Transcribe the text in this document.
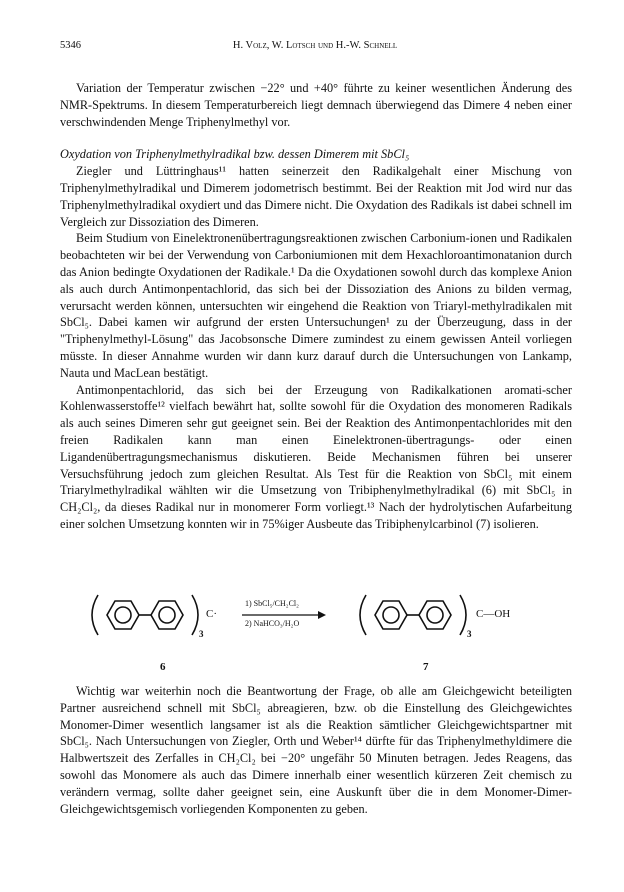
5346	H. Volz, W. Lotsch und H.-W. Schnell

Variation der Temperatur zwischen −22° und +40° führte zu keiner wesentlichen Änderung des NMR-Spektrums. In diesem Temperaturbereich liegt demnach überwiegend das Dimere 4 neben einer verschwindenden Menge Triphenylmethyl vor.

Oxydation von Triphenylmethylradikal bzw. dessen Dimerem mit SbCl₅

Ziegler und Lüttringhaus¹¹ hatten seinerzeit den Radikalgehalt einer Mischung von Triphenylmethylradikal und Dimerem jodometrisch bestimmt. Bei der Reaktion mit Jod wird nur das Triphenylmethylradikal oxydiert und das Dimere nicht. Die Oxydation des Radikals ist dabei schnell im Vergleich zur Dissoziation des Dimeren.

Beim Studium von Einelektronenübertragungsreaktionen zwischen Carbonium-ionen und Radikalen beobachteten wir bei der Verwendung von Carboniumionen mit dem Hexachloroantimonatanion durch das Anion bedingte Oxydationen der Radikale.¹ Da die Oxydationen sowohl durch das komplexe Anion als auch durch Antimonpentachlorid, das sich bei der Dissoziation des Anions zu bilden vermag, verursacht werden können, untersuchten wir eingehend die Reaktion von Triaryl-methylradikalen mit SbCl₅. Dabei kamen wir aufgrund der ersten Untersuchungen¹ zu der Überzeugung, dass in der "Triphenylmethyl-Lösung" das Jacobsonsche Dimere zumindest zu einem gewissen Anteil vorliegen müsste. In dieser Annahme wurden wir dann kurz darauf durch die Untersuchungen von Lankamp, Nauta und MacLean bestätigt.

Antimonpentachlorid, das sich bei der Erzeugung von Radikalkationen aromati-scher Kohlenwasserstoffe¹² vielfach bewährt hat, sollte sowohl für die Oxydation des monomeren Radikals als auch seines Dimeren sehr gut geeignet sein. Bei der Reaktion des Antimonpentachlorides mit den freien Radikalen kann man einen Einelektronen-übertragungs- oder einen Ligandenübertragungsmechanismus diskutieren. Beide Mechanismen führen bei unserer Versuchsführung jedoch zum gleichen Resultat. Als Test für die Reaktion von SbCl₅ mit einem Triarylmethylradikal wählten wir die Umsetzung von Tribiphenylmethylradikal (6) mit SbCl₅ in CH₂Cl₂, da dieses Radikal nur in monomerer Form vorliegt.¹³ Nach der hydrolytischen Aufarbeitung einer solchen Umsetzung konnten wir in 75%iger Ausbeute das Tribiphenylcarbinol (7) isolieren.

C·
3
1) SbCl₅/CH₂Cl₂
2) NaHCO₃/H₂O
C—OH
3
6	7

Wichtig war weiterhin noch die Beantwortung der Frage, ob alle am Gleichgewicht beteiligten Partner ausreichend schnell mit SbCl₅ abreagieren, bzw. ob die Einstellung des Gleichgewichtes Monomer-Dimer wesentlich langsamer ist als die Reaktion sämtlicher Gleichgewichtspartner mit SbCl₅. Nach Untersuchungen von Ziegler, Orth und Weber¹⁴ dürfte für das Triphenylmethyldimere die Halbwertszeit des Zerfalles in CH₂Cl₂ bei −20° ungefähr 50 Minuten betragen. Jedes Reagens, das sowohl das Monomere als auch das Dimere innerhalb einer wesentlich kürzeren Zeit chemisch zu verändern vermag, sollte daher geeignet sein, eine Auskunft über die in dem Monomer-Dimer-Gleichgewichtsgemisch vorliegenden Komponenten zu geben.
